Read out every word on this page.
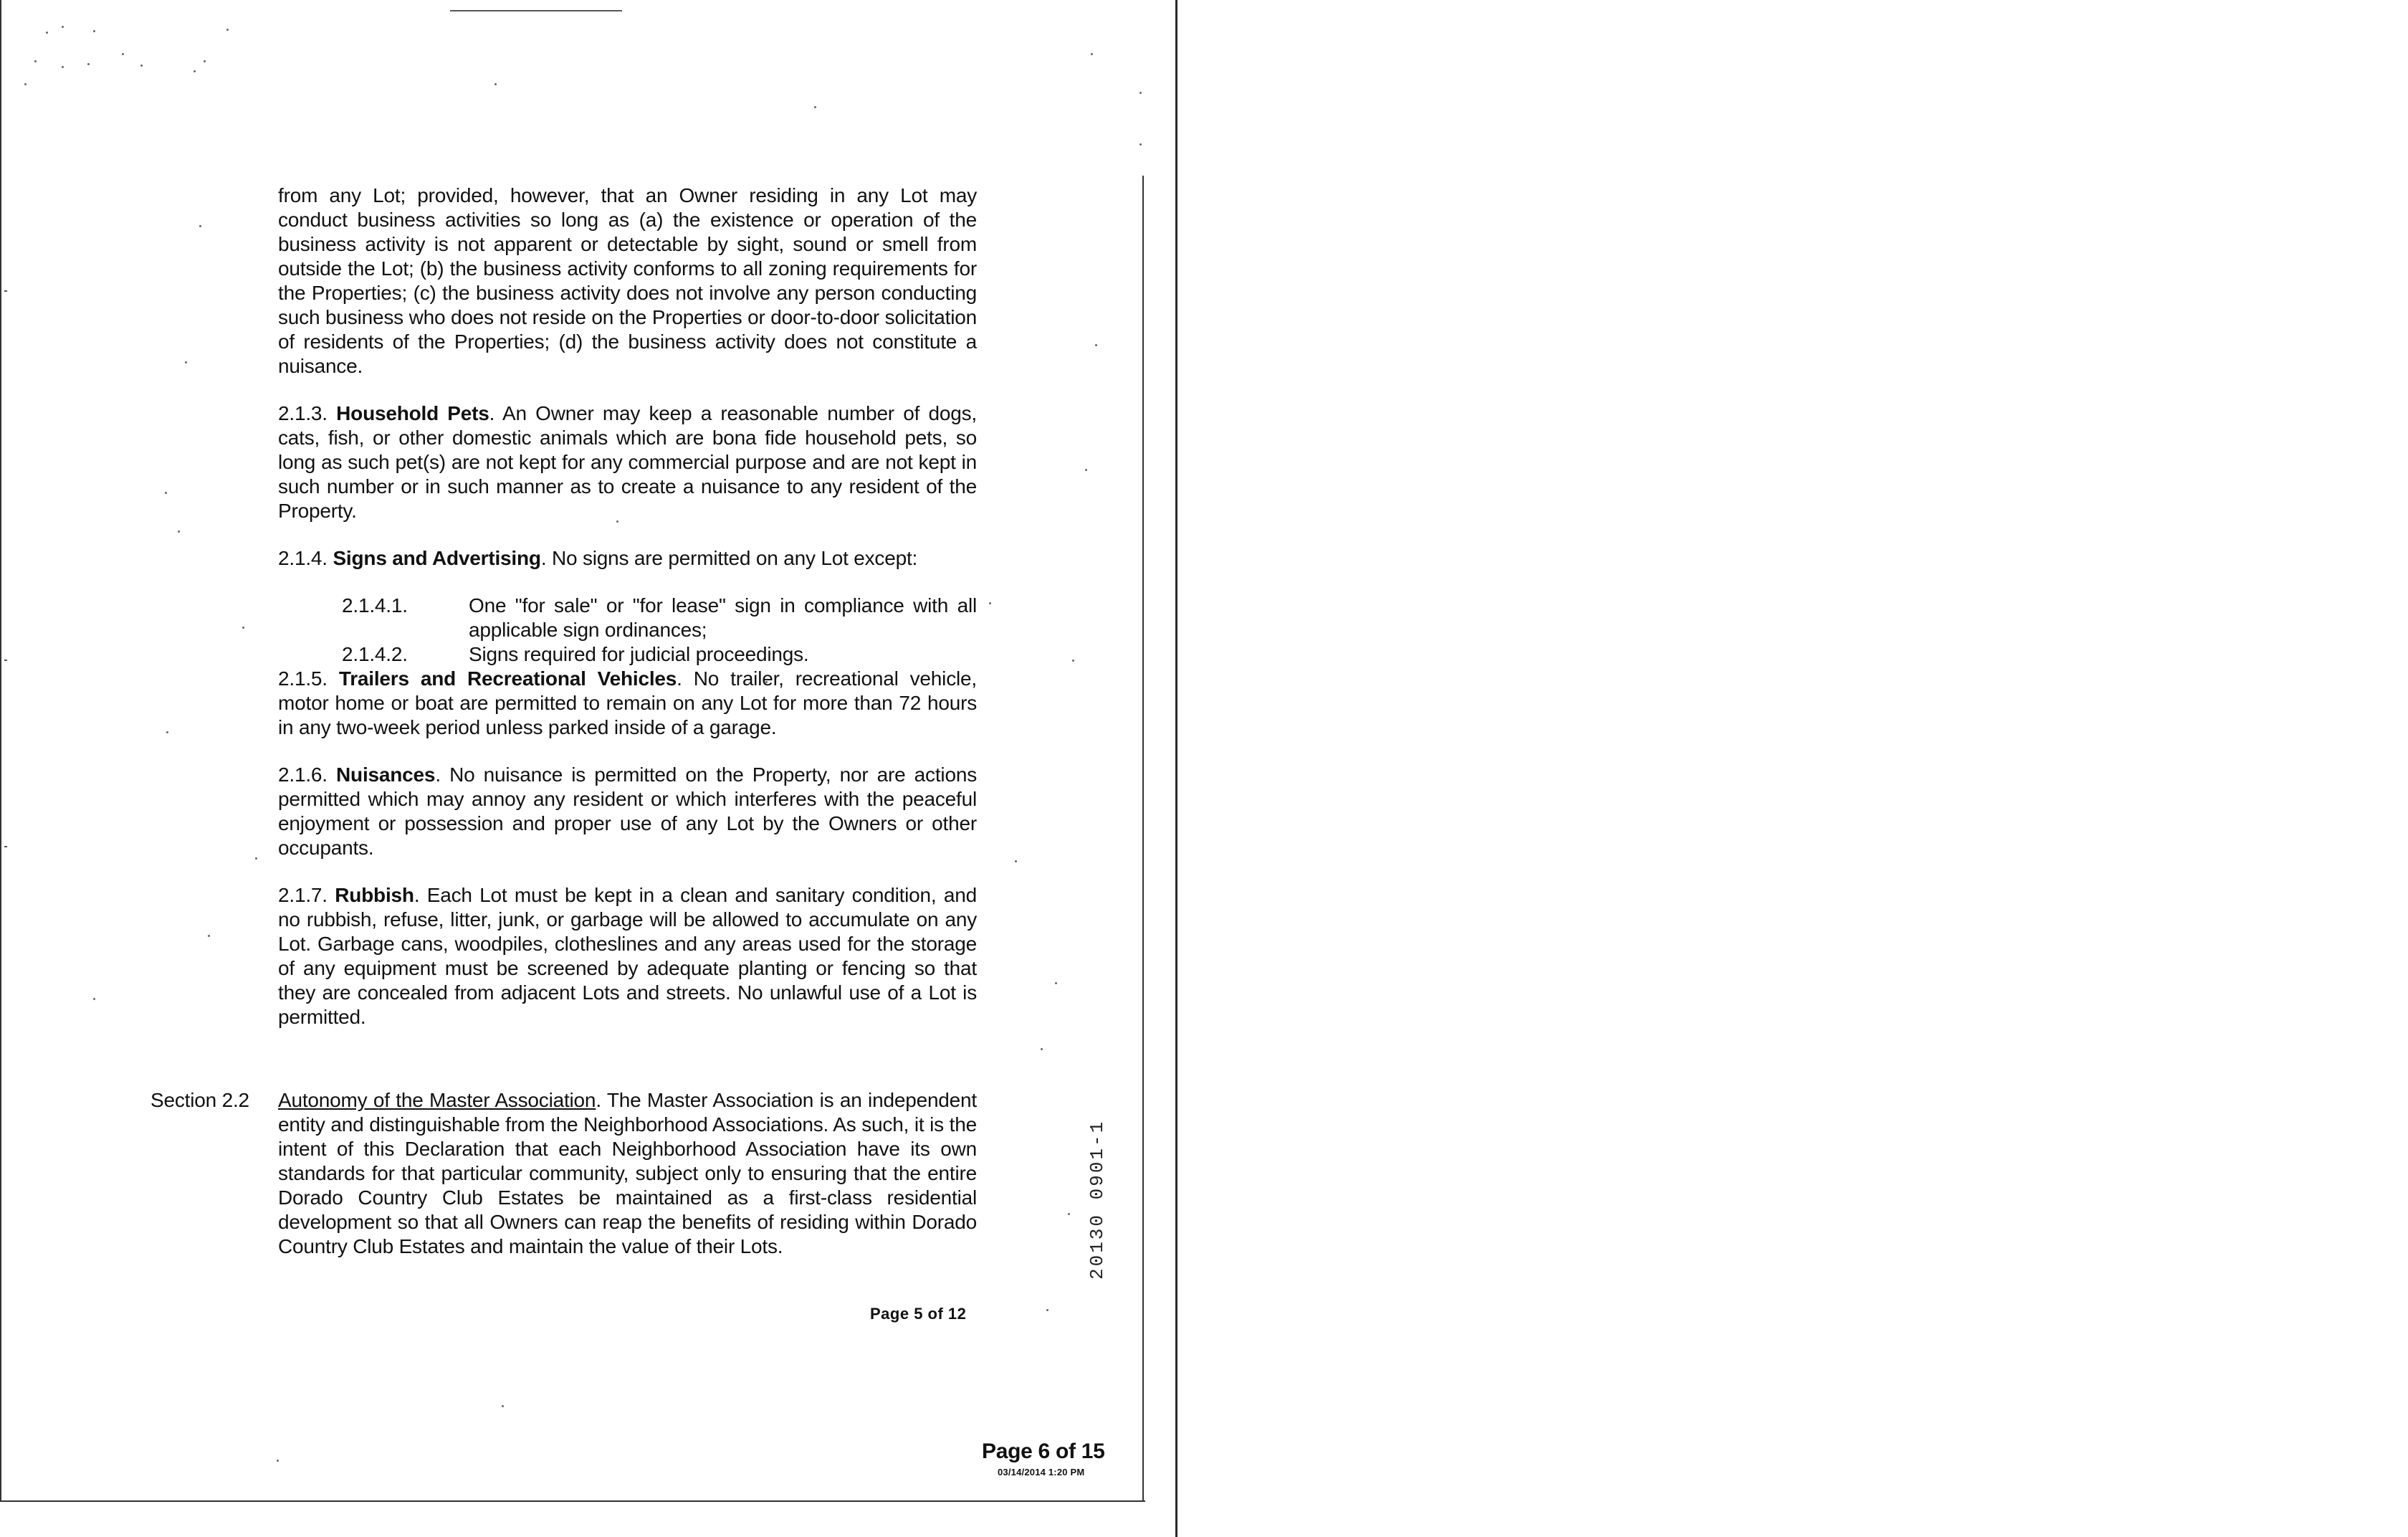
from any Lot; provided, however, that an Owner residing in any Lot may conduct business activities so long as (a) the existence or operation of the business activity is not apparent or detectable by sight, sound or smell from outside the Lot; (b) the business activity conforms to all zoning requirements for the Properties; (c) the business activity does not involve any person conducting such business who does not reside on the Properties or door-to-door solicitation of residents of the Properties; (d) the business activity does not constitute a nuisance.

2.1.3. Household Pets. An Owner may keep a reasonable number of dogs, cats, fish, or other domestic animals which are bona fide household pets, so long as such pet(s) are not kept for any commercial purpose and are not kept in such number or in such manner as to create a nuisance to any resident of the Property.

2.1.4. Signs and Advertising. No signs are permitted on any Lot except:

2.1.4.1.	One "for sale" or "for lease" sign in compliance with all applicable sign ordinances;
2.1.4.2.	Signs required for judicial proceedings.

2.1.5. Trailers and Recreational Vehicles. No trailer, recreational vehicle, motor home or boat are permitted to remain on any Lot for more than 72 hours in any two-week period unless parked inside of a garage.

2.1.6. Nuisances. No nuisance is permitted on the Property, nor are actions permitted which may annoy any resident or which interferes with the peaceful enjoyment or possession and proper use of any Lot by the Owners or other occupants.

2.1.7. Rubbish. Each Lot must be kept in a clean and sanitary condition, and no rubbish, refuse, litter, junk, or garbage will be allowed to accumulate on any Lot. Garbage cans, woodpiles, clotheslines and any areas used for the storage of any equipment must be screened by adequate planting or fencing so that they are concealed from adjacent Lots and streets. No unlawful use of a Lot is permitted.

Section 2.2	Autonomy of the Master Association. The Master Association is an independent entity and distinguishable from the Neighborhood Associations. As such, it is the intent of this Declaration that each Neighborhood Association have its own standards for that particular community, subject only to ensuring that the entire Dorado Country Club Estates be maintained as a first-class residential development so that all Owners can reap the benefits of residing within Dorado Country Club Estates and maintain the value of their Lots.
Page 5 of 12
20130 0901-1
Page 6 of 15
03/14/2014 1:20 PM
